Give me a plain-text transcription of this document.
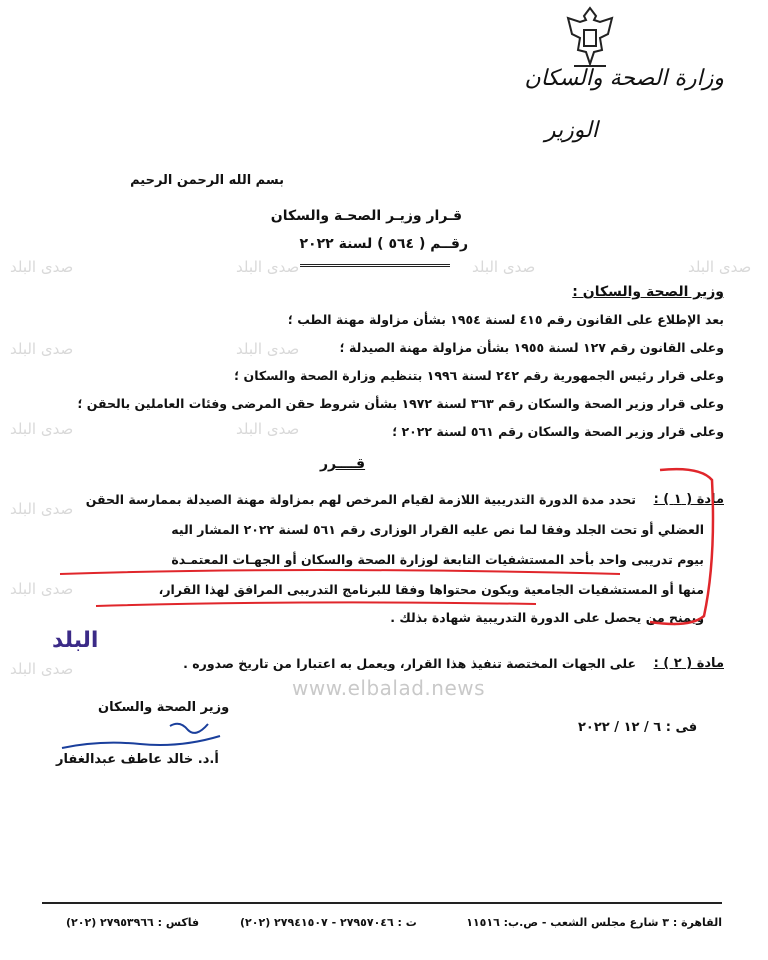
صدى البلد	صدى البلد	صدى البلد	صدى البلد
صدى البلد	صدى البلد
صدى البلد	صدى البلد
صدى البلد
صدى البلد
صدى البلد
وزارة الصحة والسكان
الوزير
بسم الله الرحمن الرحيم
قـرار وزيـر الصحـة والسكان
رقــم ( ٥٦٤ ) لسنة ٢٠٢٢
وزير الصحة والسكان :
بعد الإطلاع على القانون رقم ٤١٥ لسنة ١٩٥٤ بشأن مزاولة مهنة الطب ؛
وعلى القانون رقم ١٢٧ لسنة ١٩٥٥ بشأن مزاولة مهنة الصيدلة ؛
وعلى قرار رئيس الجمهورية رقم ٢٤٢ لسنة ١٩٩٦ بتنظيم وزارة الصحة والسكان ؛
وعلى قرار وزير الصحة والسكان رقم ٣٦٣ لسنة ١٩٧٢ بشأن شروط حقن المرضى وفئات العاملين بالحقن ؛
وعلى قرار وزير الصحة والسكان رقم ٥٦١ لسنة ٢٠٢٢ ؛
قــــرر
مادة ( ١ ) :
تحدد مدة الدورة التدريبية اللازمة لقيام المرخص لهم بمزاولة مهنة الصيدلة بممارسة الحقن
العضلي أو تحت الجلد وفقا لما نص عليه القرار الوزارى رقم ٥٦١ لسنة ٢٠٢٢ المشار اليه
بيوم تدريبى واحد بأحد المستشفيات التابعة لوزارة الصحة والسكان أو الجهـات المعتمـدة
منها أو المستشفيات الجامعية ويكون محتواها وفقا للبرنامج التدريبى المرافق لهذا القرار،
ويمنح من يحصل على الدورة التدريبية شهادة بذلك .
مادة ( ٢ ) :
على الجهات المختصة تنفيذ هذا القرار، ويعمل به اعتبارا من تاريخ صدوره .
البلد
www.elbalad.news
وزير الصحة والسكان
أ.د. خالد عاطف عبدالغفار
فى : ٦ / ١٢ / ٢٠٢٢
القاهرة : ٣ شارع مجلس الشعب - ص.ب: ١١٥١٦
ت : ٢٧٩٥٧٠٤٦ - ٢٧٩٤١٥٠٧ (٢٠٢)
فاكس : ٢٧٩٥٣٩٦٦ (٢٠٢)
